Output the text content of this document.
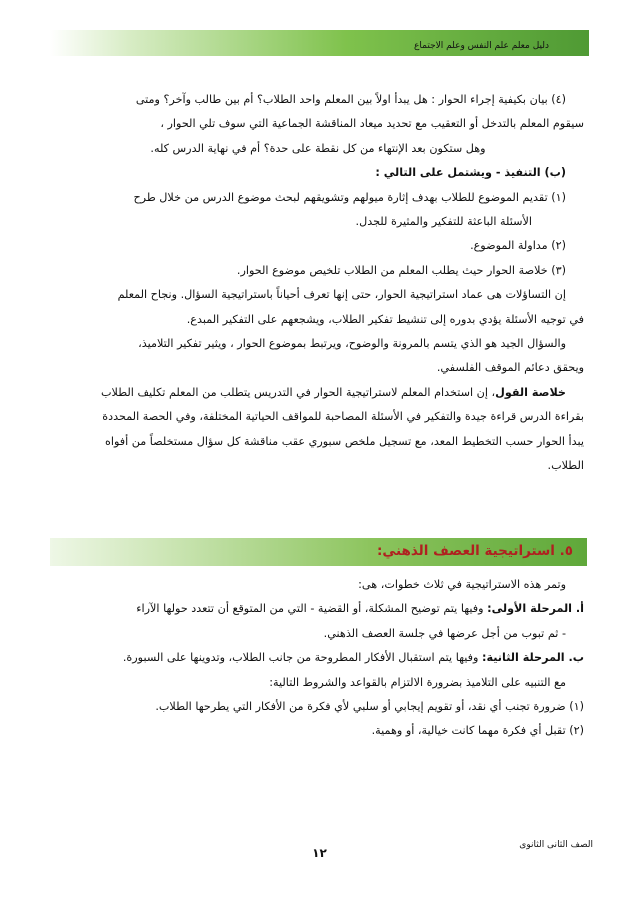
دليل معلم علم النفس وعلم الاجتماع

(٤) بيان بكيفية إجراء الحوار : هل يبدأ اولاً بين المعلم واحد الطلاب؟ أم بين طالب وآخر؟ ومتى

سيقوم المعلم بالتدخل أو التعقيب مع تحديد ميعاد المناقشة الجماعية التي سوف تلي الحوار ،

وهل ستكون بعد الإنتهاء من كل نقطة على حدة؟ أم في نهاية الدرس كله.

(ب) التنفيذ - ويشتمل على التالي :

(١) تقديم الموضوع للطلاب بهدف إثارة ميولهم وتشويقهم لبحث موضوع الدرس من خلال طرح

الأسئلة الباعثة للتفكير والمثيرة للجدل.

(٢) مداولة الموضوع.

(٣) خلاصة الحوار حيث يطلب المعلم من الطلاب تلخيص موضوع الحوار.

إن التساؤلات هى عماد استراتيجية الحوار، حتى إنها تعرف أحياناً باستراتيجية السؤال. ونجاح المعلم

في توجيه الأسئلة يؤدي بدوره إلى تنشيط تفكير الطلاب، ويشجعهم على التفكير المبدع.

والسؤال الجيد هو الذي يتسم بالمرونة والوضوح، ويرتبط بموضوع الحوار ، ويثير تفكير التلاميذ،

ويحقق دعائم الموقف الفلسفي.

خلاصة القول، إن استخدام المعلم لاستراتيجية الحوار في التدريس يتطلب من المعلم تكليف الطلاب

بقراءة الدرس قراءة جيدة والتفكير في الأسئلة المصاحبة للمواقف الحياتية المختلفة، وفي الحصة المحددة

يبدأ الحوار حسب التخطيط المعد، مع تسجيل ملخص سبوري عقب مناقشة كل سؤال مستخلصاً من أفواه

الطلاب.

٥. استراتيجية العصف الذهني:

وتمر هذه الاستراتيجية في ثلاث خطوات، هى:

أ. المرحلة الأولى: وفيها يتم توضيح المشكلة، أو القضية - التي من المتوقع أن تتعدد حولها الآراء

- ثم تبوب من أجل عرضها في جلسة العصف الذهني.

ب. المرحلة الثانية: وفيها يتم استقبال الأفكار المطروحة من جانب الطلاب، وتدوينها على السبورة.

مع التنبيه على التلاميذ بضرورة الالتزام بالقواعد والشروط التالية:

(١) ضرورة تجنب أي نقد، أو تقويم إيجابي أو سلبي لأي فكرة من الأفكار التي يطرحها الطلاب.

(٢) تقبل أي فكرة مهما كانت خيالية، أو وهمية.

الصف الثانى الثانوى
١٢
